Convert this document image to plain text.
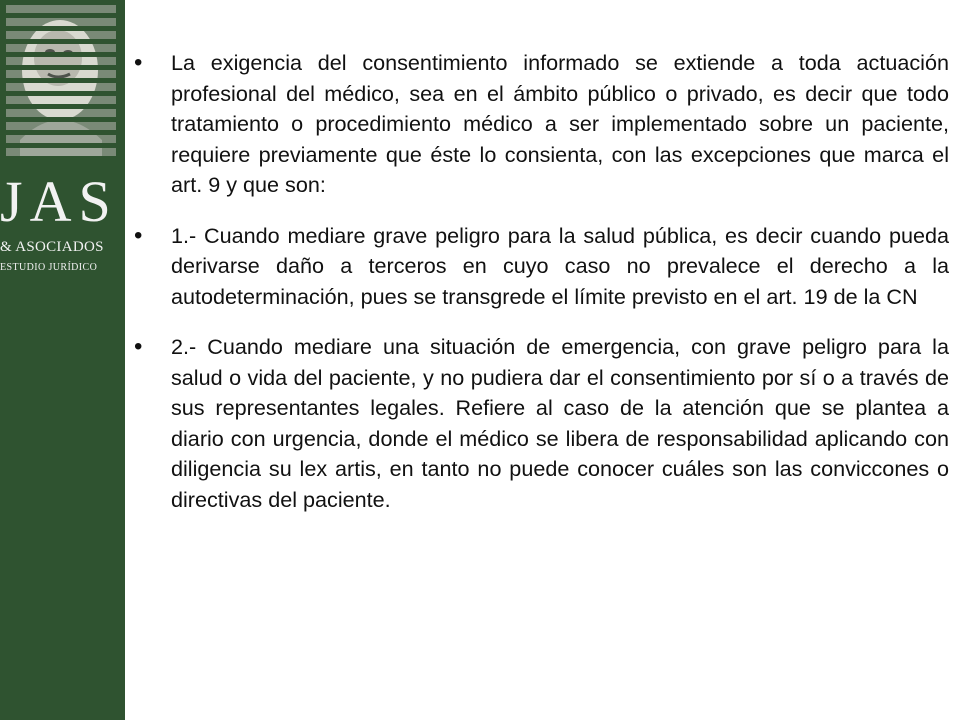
JAS
& ASOCIADOS
ESTUDIO JURÍDICO
• La exigencia del consentimiento informado se extiende a toda actuación profesional del médico, sea en el ámbito público o privado, es decir que todo tratamiento o procedimiento médico a ser implementado sobre un paciente, requiere previamente que éste lo consienta, con las excepciones que marca el art. 9 y que son:
• 1.- Cuando mediare grave peligro para la salud pública, es decir cuando pueda derivarse daño a terceros en cuyo caso no prevalece el derecho a la autodeterminación, pues se transgrede el límite previsto en el art. 19 de la CN
• 2.- Cuando mediare una situación de emergencia, con grave peligro para la salud o vida del paciente, y no pudiera dar el consentimiento por sí o a través de sus representantes legales. Refiere al caso de la atención que se plantea a diario con urgencia, donde el médico se libera de responsabilidad aplicando con diligencia su lex artis, en tanto no puede conocer cuáles son las conviccones o directivas del paciente.
